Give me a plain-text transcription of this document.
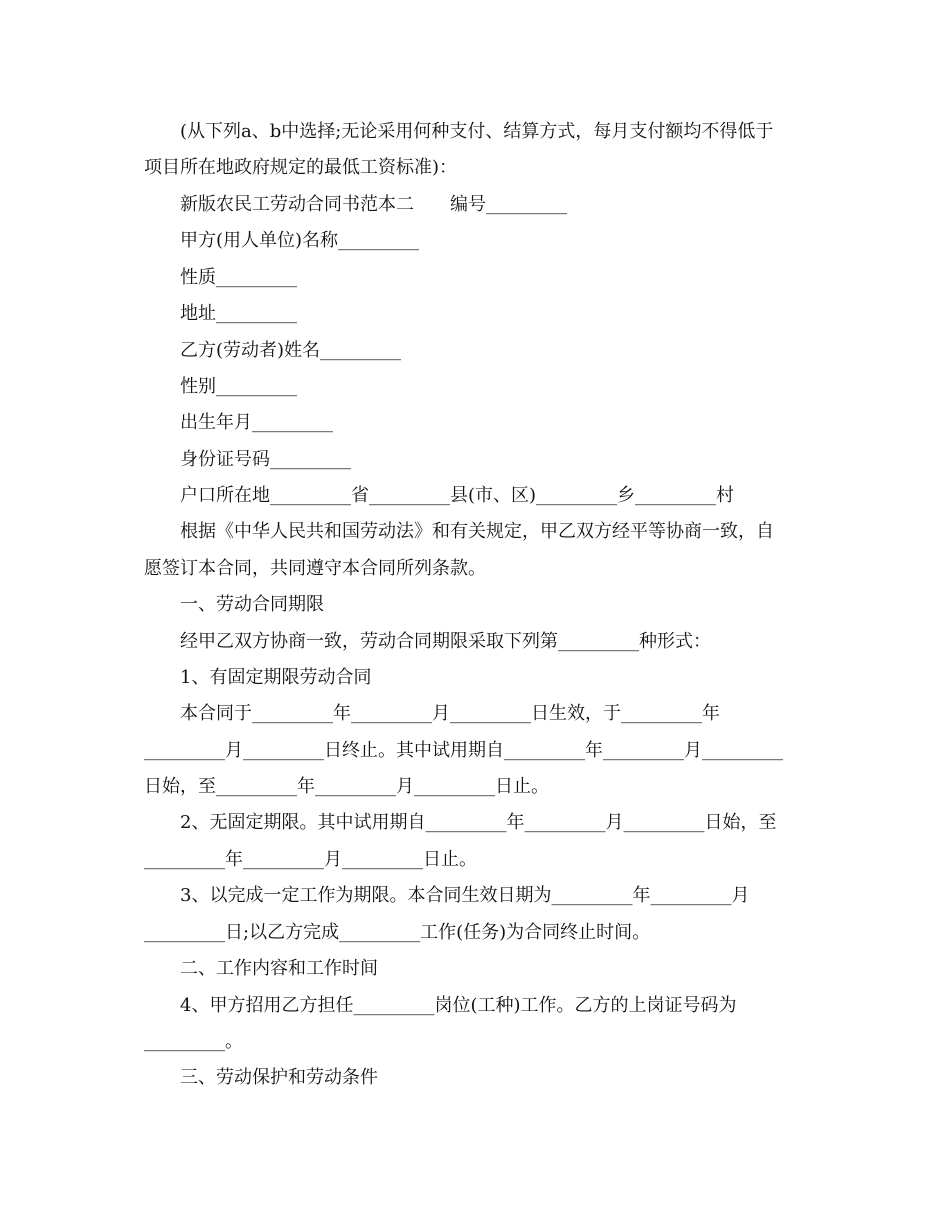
(从下列a、b中选择;无论采用何种支付、结算方式，每月支付额均不得低于
项目所在地政府规定的最低工资标准)：
新版农民工劳动合同书范本二　　编号_________
甲方(用人单位)名称_________
性质_________
地址_________
乙方(劳动者)姓名_________
性别_________
出生年月_________
身份证号码_________
户口所在地_________省_________县(市、区)_________乡_________村
根据《中华人民共和国劳动法》和有关规定，甲乙双方经平等协商一致，自
愿签订本合同，共同遵守本合同所列条款。
一、劳动合同期限
经甲乙双方协商一致，劳动合同期限采取下列第_________种形式：
1、有固定期限劳动合同
本合同于_________年_________月_________日生效，于_________年
_________月_________日终止。其中试用期自_________年_________月_________
日始，至_________年_________月_________日止。
2、无固定期限。其中试用期自_________年_________月_________日始，至
_________年_________月_________日止。
3、以完成一定工作为期限。本合同生效日期为_________年_________月
_________日;以乙方完成_________工作(任务)为合同终止时间。
二、工作内容和工作时间
4、甲方招用乙方担任_________岗位(工种)工作。乙方的上岗证号码为
_________。
三、劳动保护和劳动条件
